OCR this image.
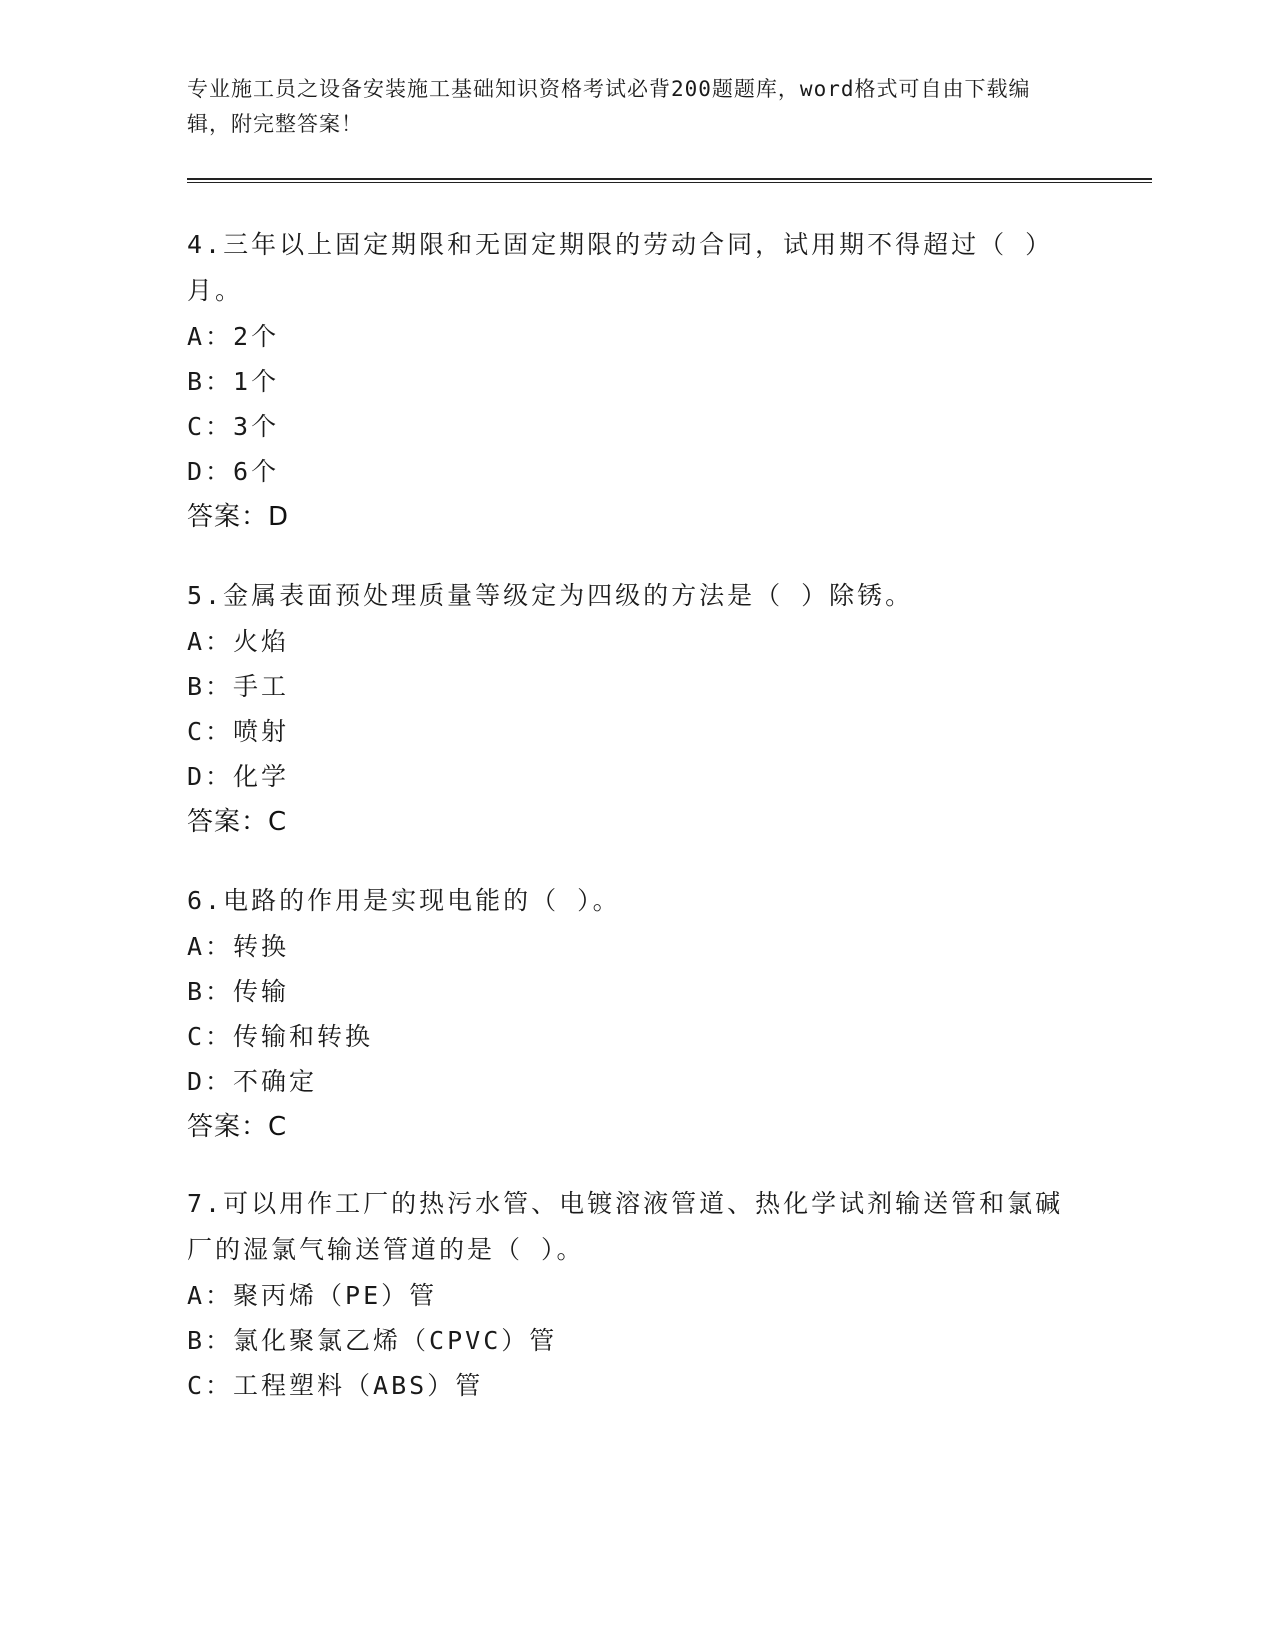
专业施工员之设备安装施工基础知识资格考试必背200题题库，word格式可自由下载编辑，附完整答案！

4.三年以上固定期限和无固定期限的劳动合同，试用期不得超过（ ）月。

A：2个

B：1个

C：3个

D：6个

答案：D

5.金属表面预处理质量等级定为四级的方法是（ ）除锈。

A：火焰

B：手工

C：喷射

D：化学

答案：C

6.电路的作用是实现电能的（ ）。

A：转换

B：传输

C：传输和转换

D：不确定

答案：C

7.可以用作工厂的热污水管、电镀溶液管道、热化学试剂输送管和氯碱厂的湿氯气输送管道的是（ ）。

A：聚丙烯（PE）管

B：氯化聚氯乙烯（CPVC）管

C：工程塑料（ABS）管
